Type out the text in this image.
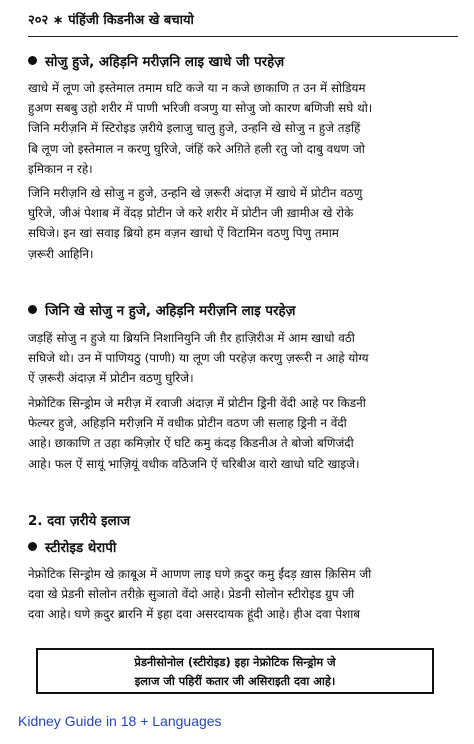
२०२ ∗ पंहिंजी किडनीअ खे बचायो
सोजु हुजे, अहिड़नि मरीज़नि लाइ खाधे जी परहेज़
खाधे में लूण जो इस्तेमाल तमाम घटि कजे या न कजे छाकाणि त उन में सोडियम
हुअण सबबु उहो शरीर में पाणी भरिजी वञणु या सोजु जो कारण बणिजी सघे थो।
जिनि मरीज़नि में स्टिरोइड ज़रीये इलाजु चालु हुजे, उन्हनि खे सोजु न हुजे तड़हिं
बि लूण जो इस्तेमाल न करणु घुरिजे, जंहिं करे अग़िते हली रतु जो दाबु वधण जो
इमिकान न रहे।
जिनि मरीज़नि खे सोजु न हुजे, उन्हनि खे ज़रूरी अंदाज़ में खाधे में प्रोटीन वठणु
घुरिजे, जीअं पेशाब में वेंदड़ प्रोटीन जे करे शरीर में प्रोटीन जी ख़ामीअ खे रोके
सघिजे। इन खां सवाइ ब्रियो हम वज़न खाधो ऐं विटामिन वठणु पिणु तमाम
ज़रूरी आहिनि।
जिनि खे सोजु न हुजे, अहिड़नि मरीज़नि लाइ परहेज़
जड़हिं सोजु न हुजे या ब्रियनि निशानियुनि जी ग़ैर हाज़िरीअ में आम खाधो वठी
सघिजे थो। उन में पाणियठु (पाणी) या लूण जी परहेज़ करणु ज़रूरी न आहे योग्य
ऐं ज़रूरी अंदाज़ में प्रोटीन वठणु घुरिजे।
नेफ्रोटिक सिन्ड्रोम जे मरीज़ में रवाजी अंदाज़ में प्रोटीन ड्रिनी वेंदी आहे पर किडनी
फेल्यर हुजे, अहिड़नि मरीज़नि में वधीक प्रोटीन वठण जी सलाह ड्रिनी न वेंदी
आहे। छाकाणि त उहा कमिज़ोर ऐं घटि कमु कंदड़ किडनीअ ते बोजो बणिजंदी
आहे। फल ऐं सायूं भाज़ियूं वधीक वठिजनि ऐं चरिबीअ वारो खाधो घटि खाइजे।
2. दवा ज़रीये इलाज
स्टीरोइड थेरापी
नेफ्रोटिक सिन्ड्रोम खे क़ाबूअ में आणण लाइ घणे क़दुर कमु ईंदड़ ख़ास क़िसिम जी
दवा खे प्रेडनी सोलोन तरीक़े सुञातो वेंदो आहे। प्रेडनी सोलोन स्टीरोइड ग्रुप जी
दवा आहे। घणे क़दुर ब्रारनि में इहा दवा असरदायक हूंदी आहे। हीअ दवा पेशाब
प्रेडनीसोनोल (स्टीरोइड) इहा नेफ्रोटिक सिन्ड्रोम जे
इलाज जी पहिरीं कतार जी असिराइती दवा आहे।
Kidney Guide in 18 + Languages
